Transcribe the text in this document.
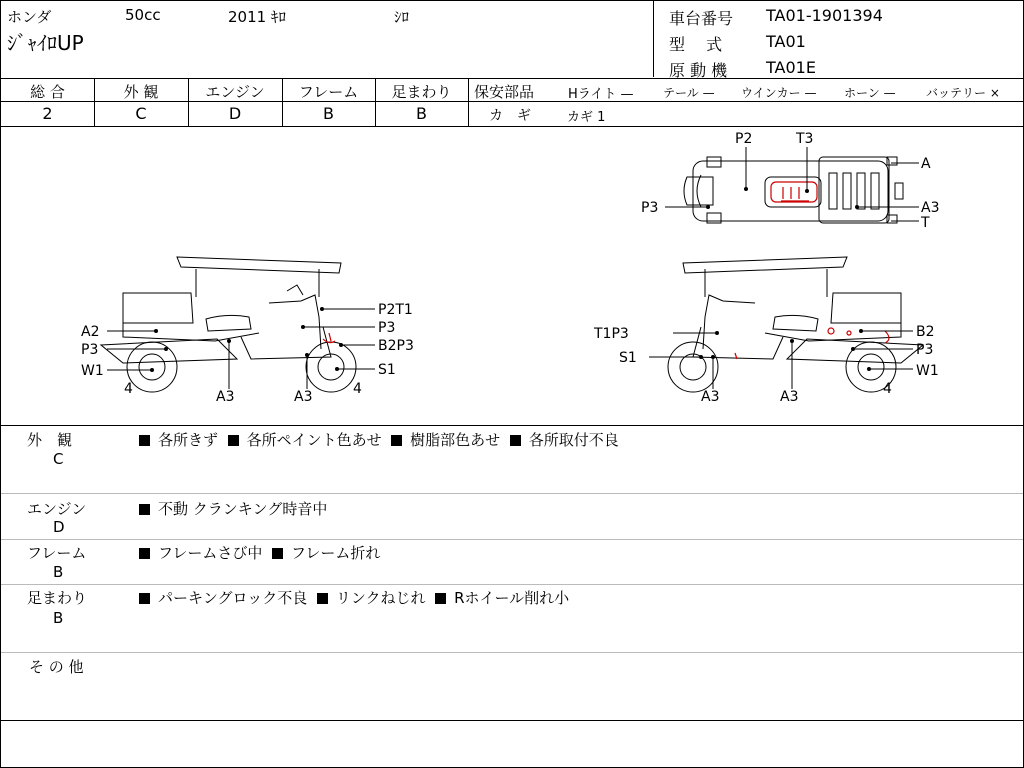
ホンダ	50cc	2011 ｷﾛ	ｼﾛ
ｼﾞｬｲﾛUP
車台番号 TA01-1901394
型　 式	TA01
原 動 機 TA01E
総 合
2
外 観
C
エンジン
D
フレーム
B
足まわり
B
保安部品	Hライト — テール — ウインカー — ホーン —	バッテリー ×
カ　ギ	カギ 1
P2	T3
A
P3	A3
T
A2
P3
W1
4	A3	A3	4
P2T1
P3
B2P3
S1
T1P3
S1
A3	A3
B2
P3
W1
4
外　観
C
各所きず 各所ペイント色あせ 樹脂部色あせ 各所取付不良
エンジン
D
不動 クランキング時音中
フレーム
B
フレームさび中 フレーム折れ
足まわり
B
パーキングロック不良 リンクねじれ Rホイール削れ小
そ の 他
